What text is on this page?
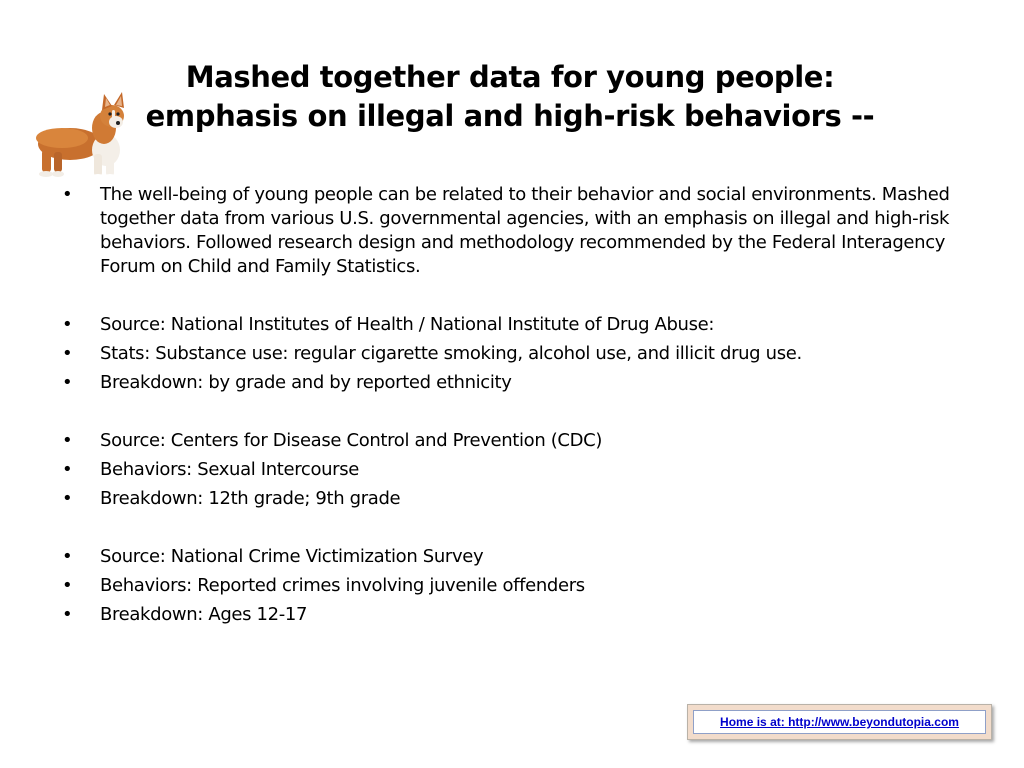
Mashed together data for young people:
emphasis on illegal and high-risk behaviors --
• The well-being of young people can be related to their behavior and social environments. Mashed together data from various U.S. governmental agencies, with an emphasis on illegal and high-risk behaviors. Followed research design and methodology recommended by the Federal Interagency Forum on Child and Family Statistics.
• Source: National Institutes of Health / National Institute of Drug Abuse:
• Stats: Substance use: regular cigarette smoking, alcohol use, and illicit drug use.
• Breakdown: by grade and by reported ethnicity
• Source: Centers for Disease Control and Prevention (CDC)
• Behaviors: Sexual Intercourse
• Breakdown: 12th grade; 9th grade
• Source: National Crime Victimization Survey
• Behaviors: Reported crimes involving juvenile offenders
• Breakdown: Ages 12-17
Home is at: http://www.beyondutopia.com
